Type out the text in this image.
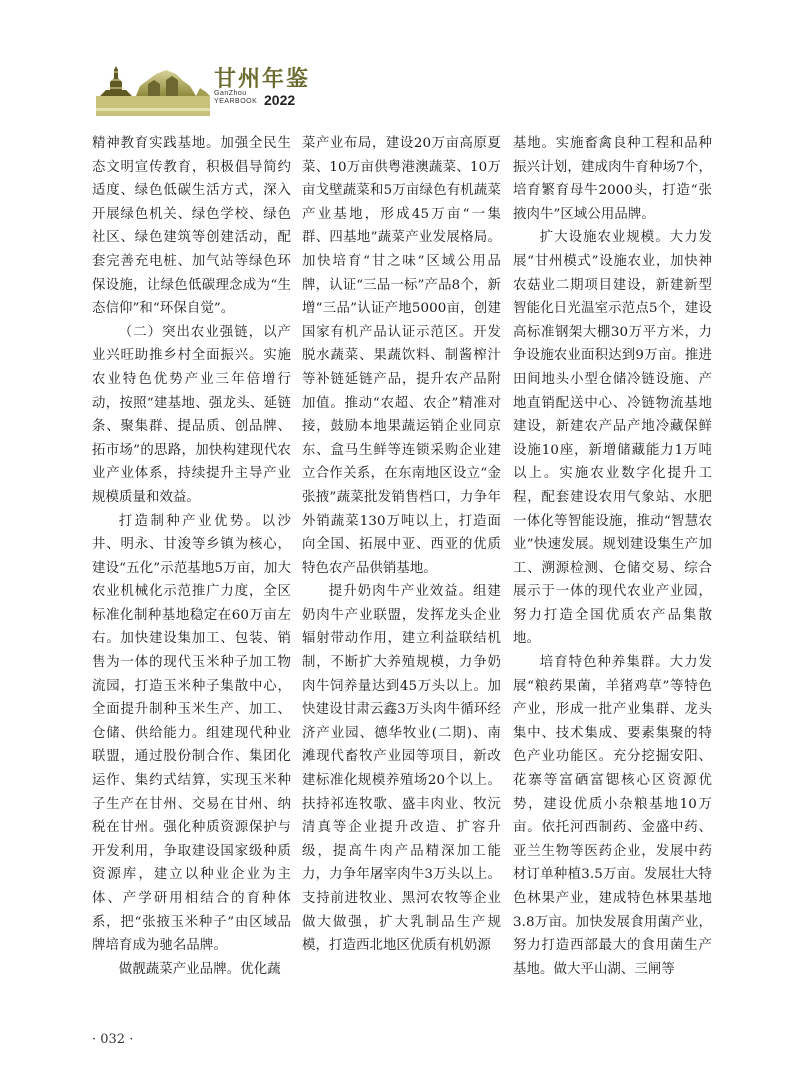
甘州年鉴
GanZhou
YEARBOOK 2022

精神教育实践基地。加强全民生态文明宣传教育，积极倡导简约适度、绿色低碳生活方式，深入开展绿色机关、绿色学校、绿色社区、绿色建筑等创建活动，配套完善充电桩、加气站等绿色环保设施，让绿色低碳理念成为“生态信仰”和“环保自觉”。

（二）突出农业强链，以产业兴旺助推乡村全面振兴。实施农业特色优势产业三年倍增行动，按照“建基地、强龙头、延链条、聚集群、提品质、创品牌、拓市场”的思路，加快构建现代农业产业体系，持续提升主导产业规模质量和效益。

打造制种产业优势。以沙井、明永、甘浚等乡镇为核心，建设“五化”示范基地5万亩，加大农业机械化示范推广力度，全区标准化制种基地稳定在60万亩左右。加快建设集加工、包装、销售为一体的现代玉米种子加工物流园，打造玉米种子集散中心，全面提升制种玉米生产、加工、仓储、供给能力。组建现代种业联盟，通过股份制合作、集团化运作、集约式结算，实现玉米种子生产在甘州、交易在甘州、纳税在甘州。强化种质资源保护与开发利用，争取建设国家级种质资源库，建立以种业企业为主体、产学研用相结合的育种体系，把“张掖玉米种子”由区域品牌培育成为驰名品牌。

做靓蔬菜产业品牌。优化蔬

菜产业布局，建设20万亩高原夏菜、10万亩供粤港澳蔬菜、10万亩戈壁蔬菜和5万亩绿色有机蔬菜产业基地，形成45万亩“一集群、四基地”蔬菜产业发展格局。加快培育“甘之味”区域公用品牌，认证“三品一标”产品8个，新增“三品”认证产地5000亩，创建国家有机产品认证示范区。开发脱水蔬菜、果蔬饮料、制酱榨汁等补链延链产品，提升农产品附加值。推动“农超、农企”精准对接，鼓励本地果蔬运销企业同京东、盒马生鲜等连锁采购企业建立合作关系，在东南地区设立“金张掖”蔬菜批发销售档口，力争年外销蔬菜130万吨以上，打造面向全国、拓展中亚、西亚的优质特色农产品供销基地。

提升奶肉牛产业效益。组建奶肉牛产业联盟，发挥龙头企业辐射带动作用，建立利益联结机制，不断扩大养殖规模，力争奶肉牛饲养量达到45万头以上。加快建设甘肃云鑫3万头肉牛循环经济产业园、德华牧业(二期)、南滩现代畜牧产业园等项目，新改建标准化规模养殖场20个以上。扶持祁连牧歌、盛丰肉业、牧沅清真等企业提升改造、扩容升级，提高牛肉产品精深加工能力，力争年屠宰肉牛3万头以上。支持前进牧业、黑河农牧等企业做大做强，扩大乳制品生产规模，打造西北地区优质有机奶源

基地。实施畜禽良种工程和品种振兴计划，建成肉牛育种场7个，培育繁育母牛2000头，打造“张掖肉牛”区域公用品牌。

扩大设施农业规模。大力发展“甘州模式”设施农业，加快神农菇业二期项目建设，新建新型智能化日光温室示范点5个，建设高标准钢架大棚30万平方米，力争设施农业面积达到9万亩。推进田间地头小型仓储冷链设施、产地直销配送中心、冷链物流基地建设，新建农产品产地冷藏保鲜设施10座，新增储藏能力1万吨以上。实施农业数字化提升工程，配套建设农用气象站、水肥一体化等智能设施，推动“智慧农业”快速发展。规划建设集生产加工、溯源检测、仓储交易、综合展示于一体的现代农业产业园，努力打造全国优质农产品集散地。

培育特色种养集群。大力发展“粮药果菌，羊猪鸡草”等特色产业，形成一批产业集群、龙头集中、技术集成、要素集聚的特色产业功能区。充分挖掘安阳、花寨等富硒富锶核心区资源优势，建设优质小杂粮基地10万亩。依托河西制药、金盛中药、亚兰生物等医药企业，发展中药材订单种植3.5万亩。发展壮大特色林果产业，建成特色林果基地3.8万亩。加快发展食用菌产业，努力打造西部最大的食用菌生产基地。做大平山湖、三闸等

· 032 ·
